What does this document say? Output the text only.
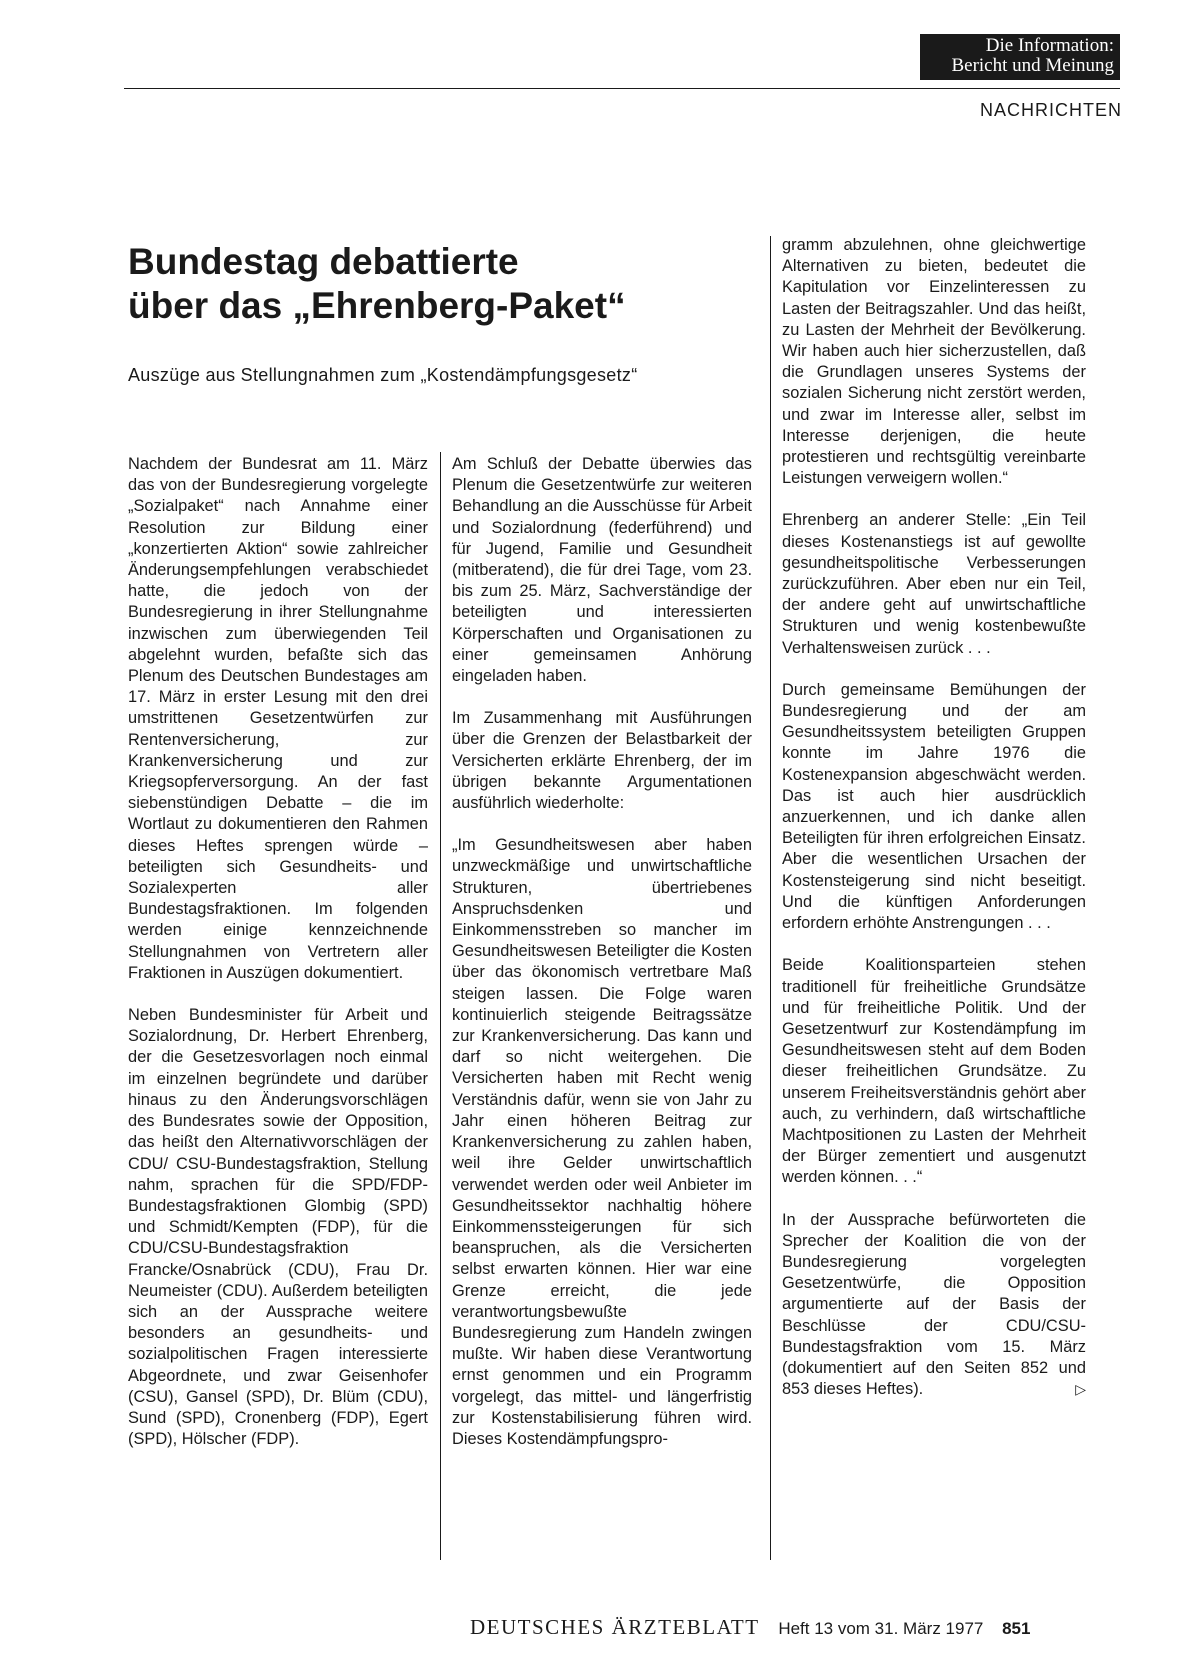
Die Information:
Bericht und Meinung
NACHRICHTEN
Bundestag debattierte
über das „Ehrenberg-Paket“

Auszüge aus Stellungnahmen zum „Kostendämpfungsgesetz“

Nachdem der Bundesrat am 11. März das von der Bundesregierung vorgelegte „Sozialpaket“ nach Annahme einer Resolution zur Bildung einer „konzertierten Aktion“ sowie zahlreicher Änderungsempfehlungen verabschiedet hatte, die jedoch von der Bundesregierung in ihrer Stellungnahme inzwischen zum überwiegenden Teil abgelehnt wurden, befaßte sich das Plenum des Deutschen Bundestages am 17. März in erster Lesung mit den drei umstrittenen Gesetzentwürfen zur Rentenversicherung, zur Krankenversicherung und zur Kriegsopferversorgung. An der fast siebenstündigen Debatte – die im Wortlaut zu dokumentieren den Rahmen dieses Heftes sprengen würde – beteiligten sich Gesundheits- und Sozialexperten aller Bundestagsfraktionen. Im folgenden werden einige kennzeichnende Stellungnahmen von Vertretern aller Fraktionen in Auszügen dokumentiert.

Neben Bundesminister für Arbeit und Sozialordnung, Dr. Herbert Ehrenberg, der die Gesetzesvorlagen noch einmal im einzelnen begründete und darüber hinaus zu den Änderungsvorschlägen des Bundesrates sowie der Opposition, das heißt den Alternativvorschlägen der CDU/ CSU-Bundestagsfraktion, Stellung nahm, sprachen für die SPD/FDP-Bundestagsfraktionen Glombig (SPD) und Schmidt/Kempten (FDP), für die CDU/CSU-Bundestagsfraktion Francke/Osnabrück (CDU), Frau Dr. Neumeister (CDU). Außerdem beteiligten sich an der Aussprache weitere besonders an gesundheits- und sozialpolitischen Fragen interessierte Abgeordnete, und zwar Geisenhofer (CSU), Gansel (SPD), Dr. Blüm (CDU), Sund (SPD), Cronenberg (FDP), Egert (SPD), Hölscher (FDP).

Am Schluß der Debatte überwies das Plenum die Gesetzentwürfe zur weiteren Behandlung an die Ausschüsse für Arbeit und Sozialordnung (federführend) und für Jugend, Familie und Gesundheit (mitberatend), die für drei Tage, vom 23. bis zum 25. März, Sachverständige der beteiligten und interessierten Körperschaften und Organisationen zu einer gemeinsamen Anhörung eingeladen haben.

Im Zusammenhang mit Ausführungen über die Grenzen der Belastbarkeit der Versicherten erklärte Ehrenberg, der im übrigen bekannte Argumentationen ausführlich wiederholte:

„Im Gesundheitswesen aber haben unzweckmäßige und unwirtschaftliche Strukturen, übertriebenes Anspruchsdenken und Einkommensstreben so mancher im Gesundheitswesen Beteiligter die Kosten über das ökonomisch vertretbare Maß steigen lassen. Die Folge waren kontinuierlich steigende Beitragssätze zur Krankenversicherung. Das kann und darf so nicht weitergehen. Die Versicherten haben mit Recht wenig Verständnis dafür, wenn sie von Jahr zu Jahr einen höheren Beitrag zur Krankenversicherung zu zahlen haben, weil ihre Gelder unwirtschaftlich verwendet werden oder weil Anbieter im Gesundheitssektor nachhaltig höhere Einkommenssteigerungen für sich beanspruchen, als die Versicherten selbst erwarten können. Hier war eine Grenze erreicht, die jede verantwortungsbewußte Bundesregierung zum Handeln zwingen mußte. Wir haben diese Verantwortung ernst genommen und ein Programm vorgelegt, das mittel- und längerfristig zur Kostenstabilisierung führen wird. Dieses Kostendämpfungspro-

gramm abzulehnen, ohne gleichwertige Alternativen zu bieten, bedeutet die Kapitulation vor Einzelinteressen zu Lasten der Beitragszahler. Und das heißt, zu Lasten der Mehrheit der Bevölkerung. Wir haben auch hier sicherzustellen, daß die Grundlagen unseres Systems der sozialen Sicherung nicht zerstört werden, und zwar im Interesse aller, selbst im Interesse derjenigen, die heute protestieren und rechtsgültig vereinbarte Leistungen verweigern wollen.“

Ehrenberg an anderer Stelle: „Ein Teil dieses Kostenanstiegs ist auf gewollte gesundheitspolitische Verbesserungen zurückzuführen. Aber eben nur ein Teil, der andere geht auf unwirtschaftliche Strukturen und wenig kostenbewußte Verhaltensweisen zurück . . .

Durch gemeinsame Bemühungen der Bundesregierung und der am Gesundheitssystem beteiligten Gruppen konnte im Jahre 1976 die Kostenexpansion abgeschwächt werden. Das ist auch hier ausdrücklich anzuerkennen, und ich danke allen Beteiligten für ihren erfolgreichen Einsatz. Aber die wesentlichen Ursachen der Kostensteigerung sind nicht beseitigt. Und die künftigen Anforderungen erfordern erhöhte Anstrengungen . . .

Beide Koalitionsparteien stehen traditionell für freiheitliche Grundsätze und für freiheitliche Politik. Und der Gesetzentwurf zur Kostendämpfung im Gesundheitswesen steht auf dem Boden dieser freiheitlichen Grundsätze. Zu unserem Freiheitsverständnis gehört aber auch, zu verhindern, daß wirtschaftliche Machtpositionen zu Lasten der Mehrheit der Bürger zementiert und ausgenutzt werden können. . .“

In der Aussprache befürworteten die Sprecher der Koalition die von der Bundesregierung vorgelegten Gesetzentwürfe, die Opposition argumentierte auf der Basis der Beschlüsse der CDU/CSU-Bundestagsfraktion vom 15. März (dokumentiert auf den Seiten 852 und 853 dieses Heftes).	▷

DEUTSCHES ÄRZTEBLATT Heft 13 vom 31. März 1977 851
